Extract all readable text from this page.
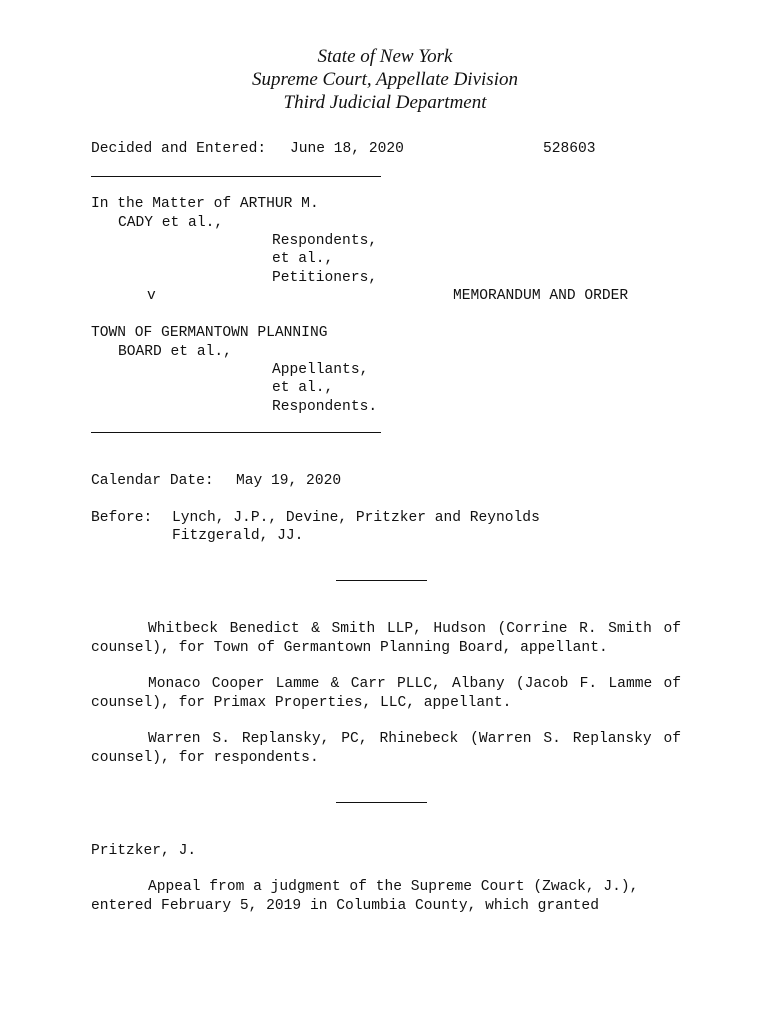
State of New York
Supreme Court, Appellate Division
Third Judicial Department
Decided and Entered: June 18, 2020	528603
In the Matter of ARTHUR M.
CADY et al.,
Respondents,
et al.,
Petitioners,
v	MEMORANDUM AND ORDER
TOWN OF GERMANTOWN PLANNING
BOARD et al.,
Appellants,
et al.,
Respondents.
Calendar Date: May 19, 2020
Before: Lynch, J.P., Devine, Pritzker and Reynolds
Fitzgerald, JJ.
Whitbeck Benedict & Smith LLP, Hudson (Corrine R. Smith of counsel), for Town of Germantown Planning Board, appellant.
Monaco Cooper Lamme & Carr PLLC, Albany (Jacob F. Lamme of counsel), for Primax Properties, LLC, appellant.
Warren S. Replansky, PC, Rhinebeck (Warren S. Replansky of counsel), for respondents.
Pritzker, J.
Appeal from a judgment of the Supreme Court (Zwack, J.),
entered February 5, 2019 in Columbia County, which granted
